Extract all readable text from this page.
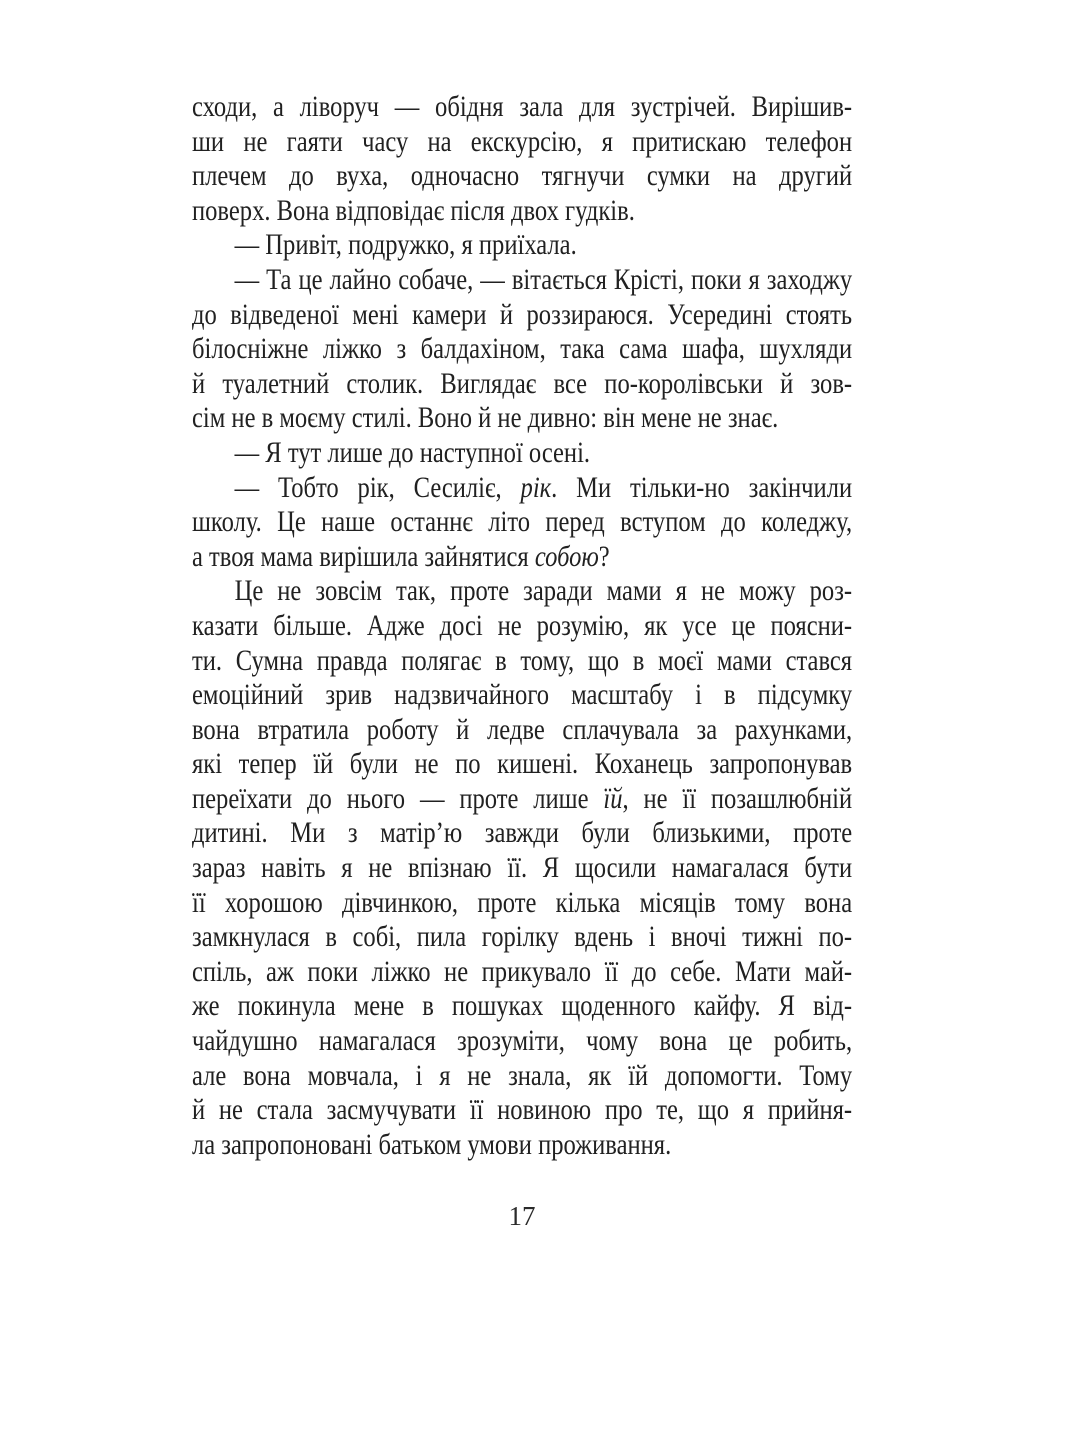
сходи, а ліворуч — обідня зала для зустрічей. Вирішив-
ши не гаяти часу на екскурсію, я притискаю телефон
плечем до вуха, одночасно тягнучи сумки на другий
поверх. Вона відповідає після двох гудків.
— Привіт, подружко, я приїхала.
— Та це лайно собаче, — вітається Крісті, поки я заходжу
до відведеної мені камери й роззираюся. Усередині стоять
білосніжне ліжко з балдахіном, така сама шафа, шухляди
й туалетний столик. Виглядає все по-королівськи й зов-
сім не в моєму стилі. Воно й не дивно: він мене не знає.
— Я тут лише до наступної осені.
— Тобто рік, Сесиліє, рік. Ми тільки-но закінчили
школу. Це наше останнє літо перед вступом до коледжу,
а твоя мама вирішила зайнятися собою?
Це не зовсім так, проте заради мами я не можу роз-
казати більше. Адже досі не розумію, як усе це поясни-
ти. Сумна правда полягає в тому, що в моєї мами стався
емоційний зрив надзвичайного масштабу і в підсумку
вона втратила роботу й ледве сплачувала за рахунками,
які тепер їй були не по кишені. Коханець запропонував
переїхати до нього — проте лише їй, не її позашлюбній
дитині. Ми з матір’ю завжди були близькими, проте
зараз навіть я не впізнаю її. Я щосили намагалася бути
її хорошою дівчинкою, проте кілька місяців тому вона
замкнулася в собі, пила горілку вдень і вночі тижні по-
спіль, аж поки ліжко не прикувало її до себе. Мати май-
же покинула мене в пошуках щоденного кайфу. Я від-
чайдушно намагалася зрозуміти, чому вона це робить,
але вона мовчала, і я не знала, як їй допомогти. Тому
й не стала засмучувати її новиною про те, що я прийня-
ла запропоновані батьком умови проживання.
17
